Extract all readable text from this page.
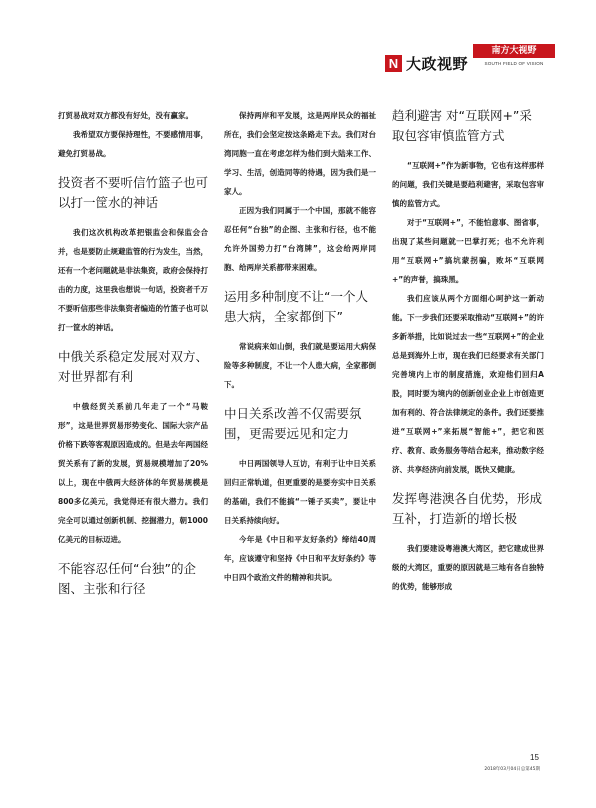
N 大政视野
南方大视野
SOUTH FIELD OF VISION

打贸易战对双方都没有好处，没有赢家。

我希望双方要保持理性，不要感情用事，避免打贸易战。

投资者不要听信竹篮子也可以打一筐水的神话

我们这次机构改革把银监会和保监会合并，也是要防止规避监管的行为发生，当然，还有一个老问题就是非法集资，政府会保持打击的力度，这里我也想说一句话，投资者千万不要听信那些非法集资者编造的竹篮子也可以打一筐水的神话。

中俄关系稳定发展对双方、对世界都有利

中俄经贸关系前几年走了一个“马鞍形”，这是世界贸易形势变化、国际大宗产品价格下跌等客观原因造成的。但是去年两国经贸关系有了新的发展，贸易规模增加了20%以上，现在中俄两大经济体的年贸易规模是800多亿美元，我觉得还有很大潜力。我们完全可以通过创新机制、挖掘潜力，朝1000亿美元的目标迈进。

不能容忍任何“台独”的企图、主张和行径

保持两岸和平发展，这是两岸民众的福祉所在，我们会坚定按这条路走下去。我们对台湾同胞一直在考虑怎样为他们到大陆来工作、学习、生活，创造同等的待遇，因为我们是一家人。

正因为我们同属于一个中国，那就不能容忍任何“台独”的企图、主张和行径，也不能允许外国势力打“台湾牌”，这会给两岸同胞、给两岸关系都带来困难。

运用多种制度不让“一个人患大病，全家都倒下”

常说病来如山倒，我们就是要运用大病保险等多种制度，不让一个人患大病，全家都倒下。

中日关系改善不仅需要氛围，更需要远见和定力

中日两国领导人互访，有利于让中日关系回归正常轨道，但更重要的是要夯实中日关系的基础，我们不能搞“一锤子买卖”，要让中日关系持续向好。

今年是《中日和平友好条约》缔结40周年，应该遵守和坚持《中日和平友好条约》等中日四个政治文件的精神和共识。

趋利避害 对“互联网+”采取包容审慎监管方式

“互联网+”作为新事物，它也有这样那样的问题，我们关键是要趋利避害，采取包容审慎的监管方式。

对于“互联网+”，不能怕意事、图省事，出现了某些问题就一巴掌打死；也不允许利用“互联网+”搞坑蒙拐骗，败坏“互联网+”的声誉，搞珠黑。

我们应该从两个方面细心呵护这一新动能。下一步我们还要采取推动“互联网+”的许多新举措，比如说过去一些“互联网+”的企业总是到海外上市，现在我们已经要求有关部门完善境内上市的制度措施，欢迎他们回归A股，同时要为境内的创新创业企业上市创造更加有利的、符合法律规定的条件。我们还要推进“互联网+”来拓展“智能+”，把它和医疗、教育、政务服务等结合起来，推动数字经济、共享经济向前发展，既快又健康。

发挥粤港澳各自优势，形成互补，打造新的增长极

我们要建设粤港澳大湾区，把它建成世界级的大湾区，重要的原因就是三地有各自独特的优势，能够形成

15
2018年03月04日总第45期
